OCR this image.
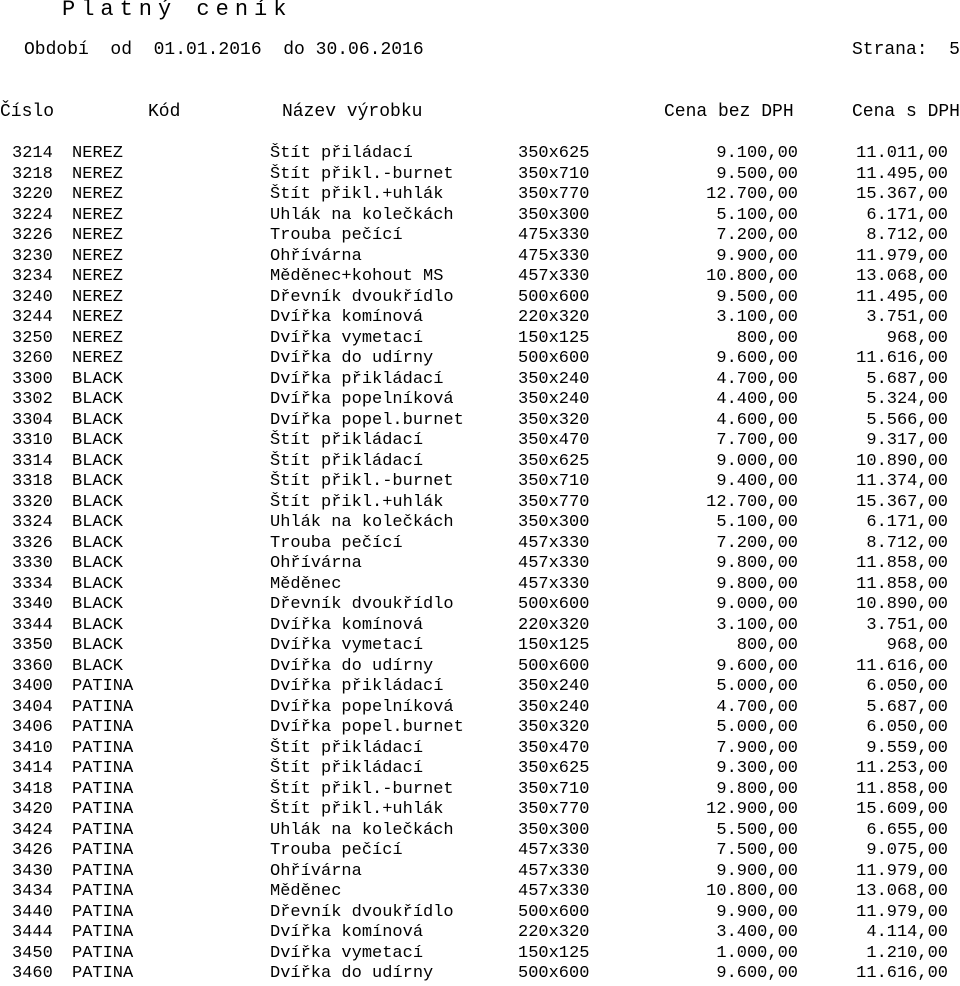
Platný ceník
Období  od  01.01.2016  do 30.06.2016	Strana:  5
Číslo	Kód	Název výrobku	Cena bez DPH	Cena s DPH
3214 NEREZ	Štít přiládací	350x625	9.100,00	11.011,00
3218 NEREZ	Štít přikl.-burnet	350x710	9.500,00	11.495,00
3220 NEREZ	Štít přikl.+uhlák	350x770	12.700,00	15.367,00
3224 NEREZ	Uhlák na kolečkách	350x300	5.100,00	6.171,00
3226 NEREZ	Trouba pečící	475x330	7.200,00	8.712,00
3230 NEREZ	Ohřívárna	475x330	9.900,00	11.979,00
3234 NEREZ	Měděnec+kohout MS	457x330	10.800,00	13.068,00
3240 NEREZ	Dřevník dvoukřídlo	500x600	9.500,00	11.495,00
3244 NEREZ	Dvířka komínová	220x320	3.100,00	3.751,00
3250 NEREZ	Dvířka vymetací	150x125	800,00	968,00
3260 NEREZ	Dvířka do udírny	500x600	9.600,00	11.616,00
3300 BLACK	Dvířka přikládací	350x240	4.700,00	5.687,00
3302 BLACK	Dvířka popelníková	350x240	4.400,00	5.324,00
3304 BLACK	Dvířka popel.burnet	350x320	4.600,00	5.566,00
3310 BLACK	Štít přikládací	350x470	7.700,00	9.317,00
3314 BLACK	Štít přikládací	350x625	9.000,00	10.890,00
3318 BLACK	Štít přikl.-burnet	350x710	9.400,00	11.374,00
3320 BLACK	Štít přikl.+uhlák	350x770	12.700,00	15.367,00
3324 BLACK	Uhlák na kolečkách	350x300	5.100,00	6.171,00
3326 BLACK	Trouba pečící	457x330	7.200,00	8.712,00
3330 BLACK	Ohřívárna	457x330	9.800,00	11.858,00
3334 BLACK	Měděnec	457x330	9.800,00	11.858,00
3340 BLACK	Dřevník dvoukřídlo	500x600	9.000,00	10.890,00
3344 BLACK	Dvířka komínová	220x320	3.100,00	3.751,00
3350 BLACK	Dvířka vymetací	150x125	800,00	968,00
3360 BLACK	Dvířka do udírny	500x600	9.600,00	11.616,00
3400 PATINA	Dvířka přikládací	350x240	5.000,00	6.050,00
3404 PATINA	Dvířka popelníková	350x240	4.700,00	5.687,00
3406 PATINA	Dvířka popel.burnet	350x320	5.000,00	6.050,00
3410 PATINA	Štít přikládací	350x470	7.900,00	9.559,00
3414 PATINA	Štít přikládací	350x625	9.300,00	11.253,00
3418 PATINA	Štít přikl.-burnet	350x710	9.800,00	11.858,00
3420 PATINA	Štít přikl.+uhlák	350x770	12.900,00	15.609,00
3424 PATINA	Uhlák na kolečkách	350x300	5.500,00	6.655,00
3426 PATINA	Trouba pečící	457x330	7.500,00	9.075,00
3430 PATINA	Ohřívárna	457x330	9.900,00	11.979,00
3434 PATINA	Měděnec	457x330	10.800,00	13.068,00
3440 PATINA	Dřevník dvoukřídlo	500x600	9.900,00	11.979,00
3444 PATINA	Dvířka komínová	220x320	3.400,00	4.114,00
3450 PATINA	Dvířka vymetací	150x125	1.000,00	1.210,00
3460 PATINA	Dvířka do udírny	500x600	9.600,00	11.616,00
